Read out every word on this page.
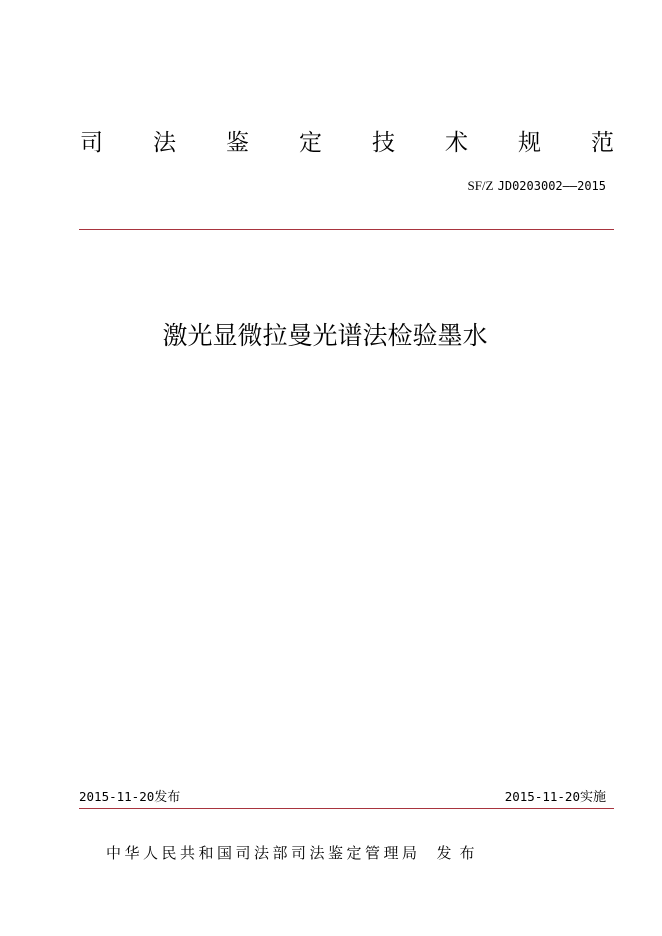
司 法 鉴 定 技 术 规 范
SF/Z JD0203002——2015
激光显微拉曼光谱法检验墨水
2015-11-20发布	2015-11-20实施
中华人民共和国司法部司法鉴定管理局 发布
